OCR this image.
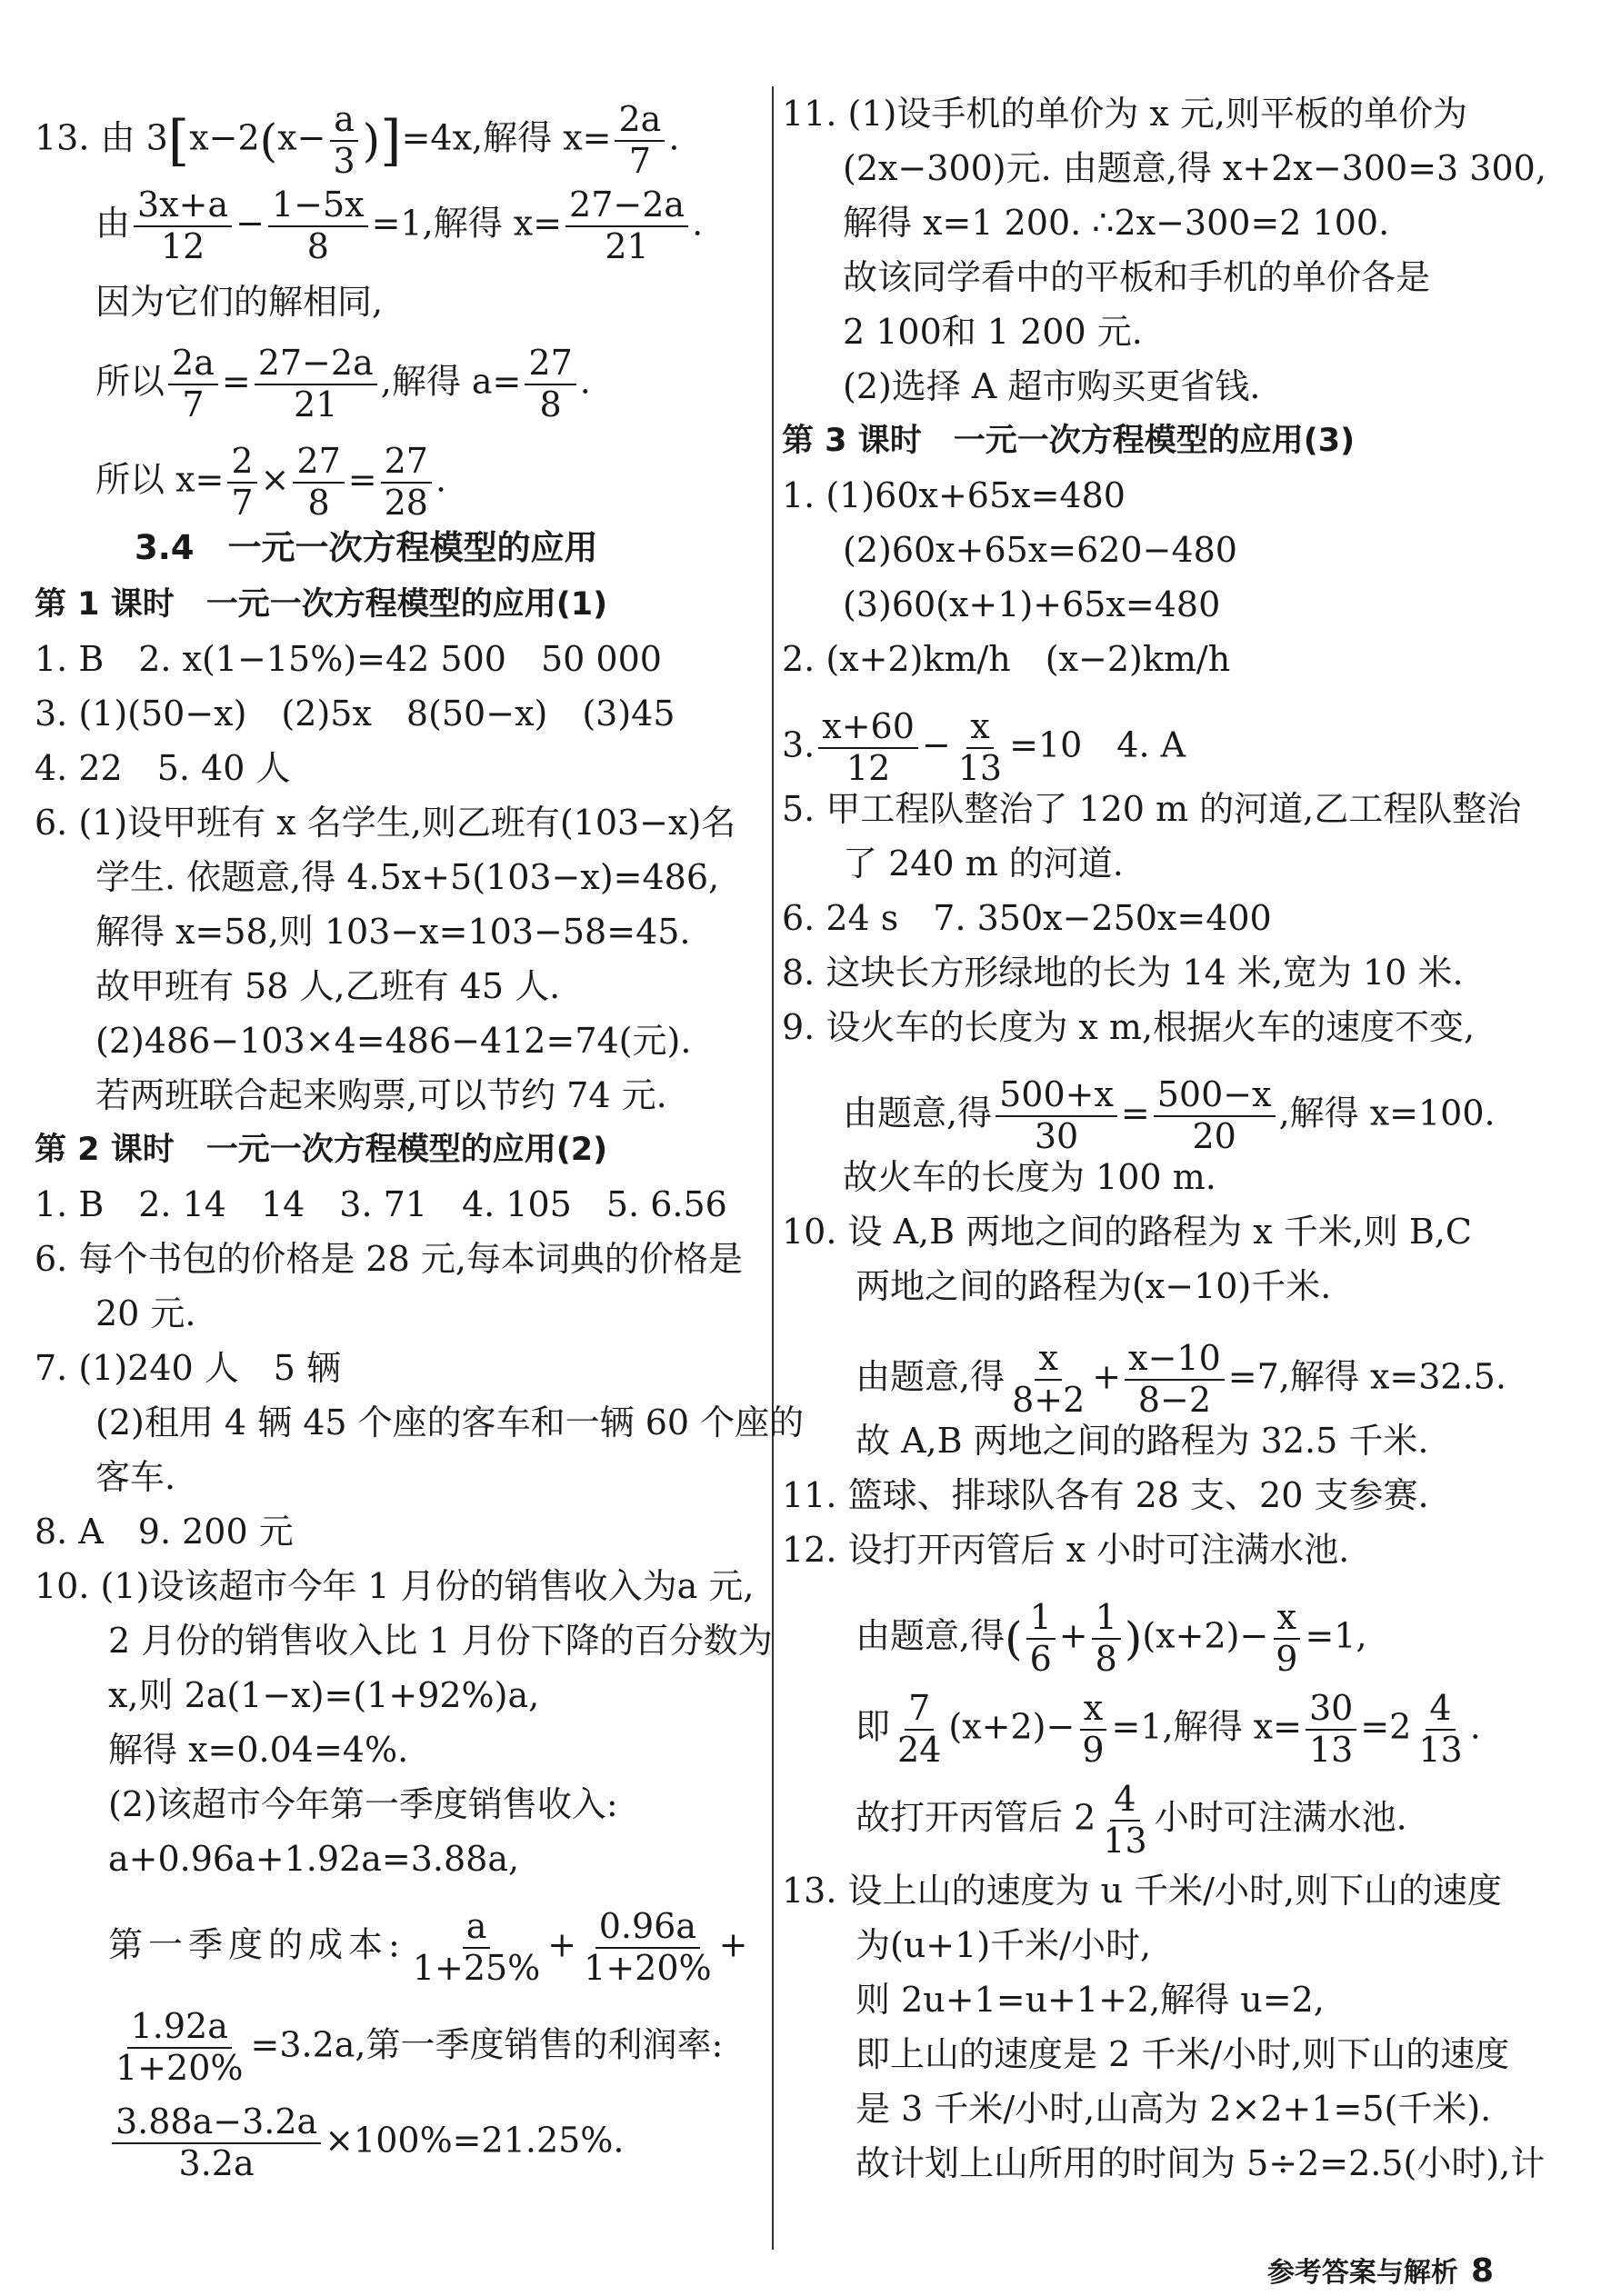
13. 由 $3[x-2(x- \frac{a}{3} )]=4x$,解得 $x= \frac{2a}{7}$ .
由 $\frac{3x+a}{12} - \frac{1-5x}{8} =1$,解得 $x= \frac{27-2a}{21}$ .
因为它们的解相同,
所以 $\frac{2a}{7} = \frac{27-2a}{21}$ ,解得 $a= \frac{27}{8}$ .
所以 $x= \frac{2}{7} \times \frac{27}{8} = \frac{27}{28}$ .
3.4　一元一次方程模型的应用
第 1 课时　一元一次方程模型的应用(1)
1. B　2. x(1−15%)=42 500　50 000
3. (1)(50−x)　(2)5x　8(50−x)　(3)45
4. 22　5. 40 人
6. (1)设甲班有 x 名学生,则乙班有(103−x)名
学生. 依题意,得 4.5x+5(103−x)=486,
解得 x=58,则 103−x=103−58=45.
故甲班有 58 人,乙班有 45 人.
(2)486−103×4=486−412=74(元).
若两班联合起来购票,可以节约 74 元.
第 2 课时　一元一次方程模型的应用(2)
1. B　2. 14　14　3. 71　4. 105　5. 6.56
6. 每个书包的价格是 28 元,每本词典的价格是
20 元.
7. (1)240 人　5 辆
(2)租用 4 辆 45 个座的客车和一辆 60 个座的
客车.
8. A　9. 200 元
10. (1)设该超市今年 1 月份的销售收入为a 元,
2 月份的销售收入比 1 月份下降的百分数为
x,则 2a(1−x)=(1+92%)a,
解得 x=0.04=4%.
(2)该超市今年第一季度销售收入:
a+0.96a+1.92a=3.88a,
第一季度的成本: $\frac{a}{1+25\%} + \frac{0.96a}{1+20\%}$ +
$\frac{1.92a}{1+20\%} =3.2a$,第一季度销售的利润率:
$\frac{3.88a-3.2a}{3.2a} \times 100\%=21.25\%$.
11. (1)设手机的单价为 x 元,则平板的单价为
(2x−300)元. 由题意,得 x+2x−300=3 300,
解得 x=1 200. ∴2x−300=2 100.
故该同学看中的平板和手机的单价各是
2 100和 1 200 元.
(2)选择 A 超市购买更省钱.
第 3 课时　一元一次方程模型的应用(3)
1. (1)60x+65x=480
(2)60x+65x=620−480
(3)60(x+1)+65x=480
2. (x+2)km/h　(x−2)km/h
3. $\frac{x+60}{12} - \frac{x}{13} =10$　4. A
5. 甲工程队整治了 120 m 的河道,乙工程队整治
了 240 m 的河道.
6. 24 s　7. 350x−250x=400
8. 这块长方形绿地的长为 14 米,宽为 10 米.
9. 设火车的长度为 x m,根据火车的速度不变,
由题意,得 $\frac{500+x}{30} = \frac{500-x}{20}$ ,解得 x=100.
故火车的长度为 100 m.
10. 设 A,B 两地之间的路程为 x 千米,则 B,C
两地之间的路程为(x−10)千米.
由题意,得 $\frac{x}{8+2} + \frac{x-10}{8-2} =7$,解得 x=32.5.
故 A,B 两地之间的路程为 32.5 千米.
11. 篮球、排球队各有 28 支、20 支参赛.
12. 设打开丙管后 x 小时可注满水池.
由题意,得( $\frac{1}{6} + \frac{1}{8} )(x+2)- \frac{x}{9} =1$,
即 $\frac{7}{24} (x+2)- \frac{x}{9} =1$,解得 $x= \frac{30}{13} =2 \frac{4}{13}$ .
故打开丙管后 $2 \frac{4}{13}$ 小时可注满水池.
13. 设上山的速度为 u 千米/小时,则下山的速度
为(u+1)千米/小时,
则 2u+1=u+1+2,解得 u=2,
即上山的速度是 2 千米/小时,则下山的速度
是 3 千米/小时,山高为 2×2+1=5(千米).
故计划上山所用的时间为 5÷2=2.5(小时),计
参考答案与解析 8
